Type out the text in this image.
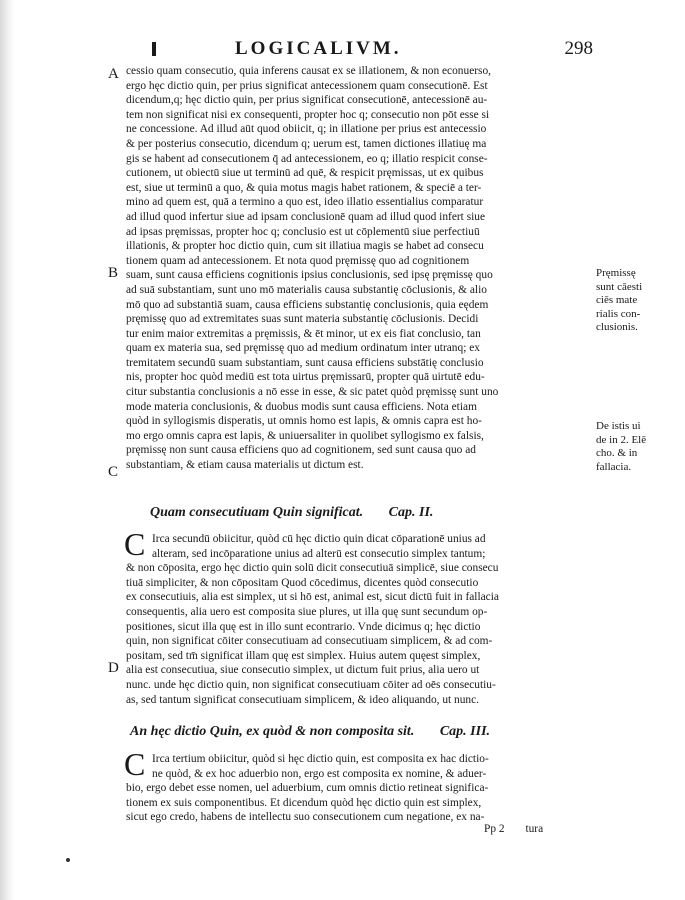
LOGICALIVM.	298

A
B
C
D
cessio quam consecutio, quia inferens causat ex se illationem, & non econuerso,
ergo hęc dictio quin, per prius significat antecessionem quam consecutionē. Est
dicendum,q; hęc dictio quin, per prius significat consecutionē, antecessionē au-
tem non significat nisi ex consequenti, propter hoc q; consecutio non pōt esse si
ne concessione. Ad illud aūt quod obiicit, q; in illatione per prius est antecessio
& per posterius consecutio, dicendum q; uerum est, tamen dictiones illatiuę ma
gis se habent ad consecutionem q̄ ad antecessionem, eo q; illatio respicit conse-
cutionem, ut obiectū siue ut terminū ad quē, & respicit pręmissas, ut ex quibus
est, siue ut terminū a quo, & quia motus magis habet rationem, & speciē a ter-
mino ad quem est, quā a termino a quo est, ideo illatio essentialius comparatur
ad illud quod infertur siue ad ipsam conclusionē quam ad illud quod infert siue
ad ipsas pręmissas, propter hoc q; conclusio est ut cōplementū siue perfectiuū
illationis, & propter hoc dictio quin, cum sit illatiua magis se habet ad consecu
tionem quam ad antecessionem. Et nota quod pręmissę quo ad cognitionem
suam, sunt causa efficiens cognitionis ipsius conclusionis, sed ipsę pręmissę quo
ad suā substantiam, sunt uno mō materialis causa substantię cōclusionis, & alio
mō quo ad substantiā suam, causa efficiens substantię conclusionis, quia eędem
pręmissę quo ad extremitates suas sunt materia substantię cōclusionis. Decidi
tur enim maior extremitas a pręmissis, & ēt minor, ut ex eis fiat conclusio, tan
quam ex materia sua, sed pręmissę quo ad medium ordinatum inter utranq; ex
tremitatem secundū suam substantiam, sunt causa efficiens substātię conclusio
nis, propter hoc quòd mediū est tota uirtus pręmissarū, propter quā uirtutē edu-
citur substantia conclusionis a nō esse in esse, & sic patet quòd pręmissę sunt uno
mode materia conclusionis, & duobus modis sunt causa efficiens. Nota etiam
quòd in syllogismis disperatis, ut omnis homo est lapis, & omnis capra est ho-
mo ergo omnis capra est lapis, & uniuersaliter in quolibet syllogismo ex falsis,
pręmissę non sunt causa efficiens quo ad cognitionem, sed sunt causa quo ad
substantiam, & etiam causa materialis ut dictum est.
Pręmissę
sunt cāesti
ciēs mate
rialis con-
clusionis.
De istis ui
de in 2. Elē
cho. & in
fallacia.
Quam consecutiuam Quin significat. Cap. II.
C Irca secundū obiicitur, quòd cū hęc dictio quin dicat cōparationē unius ad
alteram, sed incōparatione unius ad alterū est consecutio simplex tantum;
& non cōposita, ergo hęc dictio quin solū dicit consecutiuā simplicē, siue consecu
tiuā simpliciter, & non cōpositam Quod cōcedimus, dicentes quòd consecutio
ex consecutiuis, alia est simplex, ut si hō est, animal est, sicut dictū fuit in fallacia
consequentis, alia uero est composita siue plures, ut illa quę sunt secundum op-
positiones, sicut illa quę est in illo sunt econtrario. Vnde dicimus q; hęc dictio
quin, non significat cōiter consecutiuam ad consecutiuam simplicem, & ad com-
positam, sed tm̄ significat illam quę est simplex. Huius autem quęest simplex,
alia est consecutiua, siue consecutio simplex, ut dictum fuit prius, alia uero ut
nunc. unde hęc dictio quin, non significat consecutiuam cōiter ad oēs consecutiu-
as, sed tantum significat consecutiuam simplicem, & ideo aliquando, ut nunc.
An hęc dictio Quin, ex quòd & non composita sit. Cap. III.
C Irca tertium obiicitur, quòd si hęc dictio quin, est composita ex hac dictio-
ne quòd, & ex hoc aduerbio non, ergo est composita ex nomine, & aduer-
bio, ergo debet esse nomen, uel aduerbium, cum omnis dictio retineat significa-
tionem ex suis componentibus. Et dicendum quòd hęc dictio quin est simplex,
sicut ego credo, habens de intellectu suo consecutionem cum negatione, ex na-
Pp 2 tura
